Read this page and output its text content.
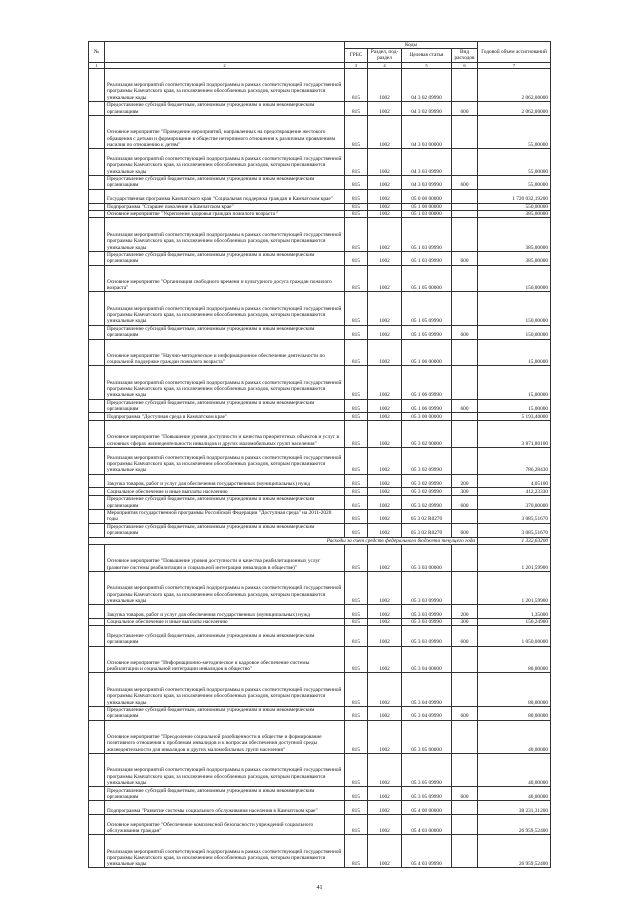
№		Коды				Годовой объем ассигнований
		ГРБС	Раздел, под-раздел	Целевая статья	Вид расходов	
1	2	3	4	5	6	7
	Реализация мероприятий соответствующей подпрограммы в рамках соответствующей государственной программы Камчатского края, за исключением обособленных расходов, которым присваиваются уникальные коды	815	1002	04 3 02 09990		2 062,00000
	Предоставление субсидий бюджетным, автономным учреждениям и иным некоммерческим организациям	815	1002	04 3 02 09990	600	2 062,00000
	Основное мероприятие "Проведение мероприятий, направленных на предотвращение жестокого обращения с детьми и формирование в обществе нетерпимого отношения к различным проявлениям насилия по отношению к детям"	815	1002	04 3 03 00000		55,00000
	Реализация мероприятий соответствующей подпрограммы в рамках соответствующей государственной программы Камчатского края, за исключением обособленных расходов, которым присваиваются уникальные коды	815	1002	04 3 03 09990		55,00000
	Предоставление субсидий бюджетным, автономным учреждениям и иным некоммерческим организациям	815	1002	04 3 03 09990	600	55,00000
	Государственная программа Камчатского края "Социальная поддержка граждан в Камчатском крае"	815	1002	05 0 00 00000		1 720 032,19200
	Подпрограмма "Старшее поколение в Камчатском крае"	815	1002	05 1 00 00000		550,00000
	Основное мероприятие "Укрепление здоровья граждан пожилого возраста "	815	1002	05 1 03 00000		385,00000
	Реализация мероприятий соответствующей подпрограммы в рамках соответствующей государственной программы Камчатского края, за исключением обособленных расходов, которым присваиваются уникальные коды	815	1002	05 1 03 09990		385,00000
	Предоставление субсидий бюджетным, автономным учреждениям и иным некоммерческим организациям	815	1002	05 1 03 09990	600	385,00000
	Основное мероприятие "Организация свободного времени и культурного досуга граждан пожилого возраста"	815	1002	05 1 05 00000		150,00000
	Реализация мероприятий соответствующей подпрограммы в рамках соответствующей государственной программы Камчатского края, за исключением обособленных расходов, которым присваиваются уникальные коды	815	1002	05 1 05 09990		150,00000
	Предоставление субсидий бюджетным, автономным учреждениям и иным некоммерческим организациям	815	1002	05 1 05 09990	600	150,00000
	Основное мероприятие "Научно-методическое и информационное обеспечение деятельности по социальной поддержке граждан пожилого возраста"	815	1002	05 1 06 00000		15,00000
	Реализация мероприятий соответствующей подпрограммы в рамках соответствующей государственной программы Камчатского края, за исключением обособленных расходов, которым присваиваются уникальные коды	815	1002	05 1 06 09990		15,00000
	Предоставление субсидий бюджетным, автономным учреждениям и иным некоммерческим организациям	815	1002	05 1 06 09990	600	15,00000
	Подпрограмма "Доступная среда в Камчатском крае"	815	1002	05 3 00 00000		5 193,40000
	Основное мероприятие "Повышение уровня доступности и качества приоритетных объектов и услуг в основных сферах жизнедеятельности инвалидов и других маломобильных групп населения"	815	1002	05 3 02 00000		3 871,80100
	Реализация мероприятий соответствующей подпрограммы в рамках соответствующей государственной программы Камчатского края, за исключением обособленных расходов, которым присваиваются уникальные коды	815	1002	05 3 02 09990		786,28430
	Закупка товаров, работ и услуг для обеспечения государственных (муниципальных) нужд	815	1002	05 3 02 09990	200	4,05100
	Социальное обеспечение и иные выплаты населению	815	1002	05 3 02 09990	300	412,23330
	Предоставление субсидий бюджетным, автономным учреждениям и иным некоммерческим организациям	815	1002	05 3 02 09990	600	370,00000
	Мероприятия государственной программы Российской Федерации "Доступная среда" на 2011-2020 годы	815	1002	05 3 02 R0270		3 085,51670
	Предоставление субсидий бюджетным, автономным учреждениям и иным некоммерческим организациям	815	1002	05 3 02 R0270	600	3 085,51670
Расходы за счет средств федерального бюджета текущего года						1 332,63200
	Основное мероприятие "Повышение уровня доступности и качества реабилитационных услуг (развитие системы реабилитации и социальной интеграции инвалидов в обществе)"	815	1002	05 3 03 00000		1 201,59900
	Реализация мероприятий соответствующей подпрограммы в рамках соответствующей государственной программы Камчатского края, за исключением обособленных расходов, которым присваиваются уникальные коды	815	1002	05 3 03 09990		1 201,59900
	Закупка товаров, работ и услуг для обеспечения государственных (муниципальных) нужд	815	1002	05 3 03 09990	200	1,35000
	Социальное обеспечение и иные выплаты населению	815	1002	05 3 03 09990	300	150,24900
	Предоставление субсидий бюджетным, автономным учреждениям и иным некоммерческим организациям	815	1002	05 3 03 09990	600	1 050,00000
	Основное мероприятие "Информационно-методическое и кадровое обеспечение системы реабилитации и социальной интеграции инвалидов в общество"	815	1002	05 3 04 00000		80,00000
	Реализация мероприятий соответствующей подпрограммы в рамках соответствующей государственной программы Камчатского края, за исключением обособленных расходов, которым присваиваются уникальные коды	815	1002	05 3 04 09990		80,00000
	Предоставление субсидий бюджетным, автономным учреждениям и иным некоммерческим организациям	815	1002	05 3 04 09990	600	80,00000
	Основное мероприятие "Преодоление социальной разобщенности в обществе и формирование позитивного отношения к проблемам инвалидов и к вопросам обеспечения доступной среды жизнедеятельности для инвалидов и других маломобильных групп населения"	815	1002	05 3 05 00000		40,00000
	Реализация мероприятий соответствующей подпрограммы в рамках соответствующей государственной программы Камчатского края, за исключением обособленных расходов, которым присваиваются уникальные коды	815	1002	05 3 05 09990		40,00000
	Предоставление субсидий бюджетным, автономным учреждениям и иным некоммерческим организациям	815	1002	05 3 05 09990	600	40,00000
	Подпрограмма "Развитие системы социального обслуживания населения в Камчатском крае"	815	1002	05 4 00 00000		38 231,31200
	Основное мероприятие "Обеспечение комплексной безопасности учреждений социального обслуживания граждан"	815	1002	05 4 03 00000		26 959,52400
	Реализация мероприятий соответствующей подпрограммы в рамках соответствующей государственной программы Камчатского края, за исключением обособленных расходов, которым присваиваются уникальные коды	815	1002	05 4 03 09990		26 959,52400
41
